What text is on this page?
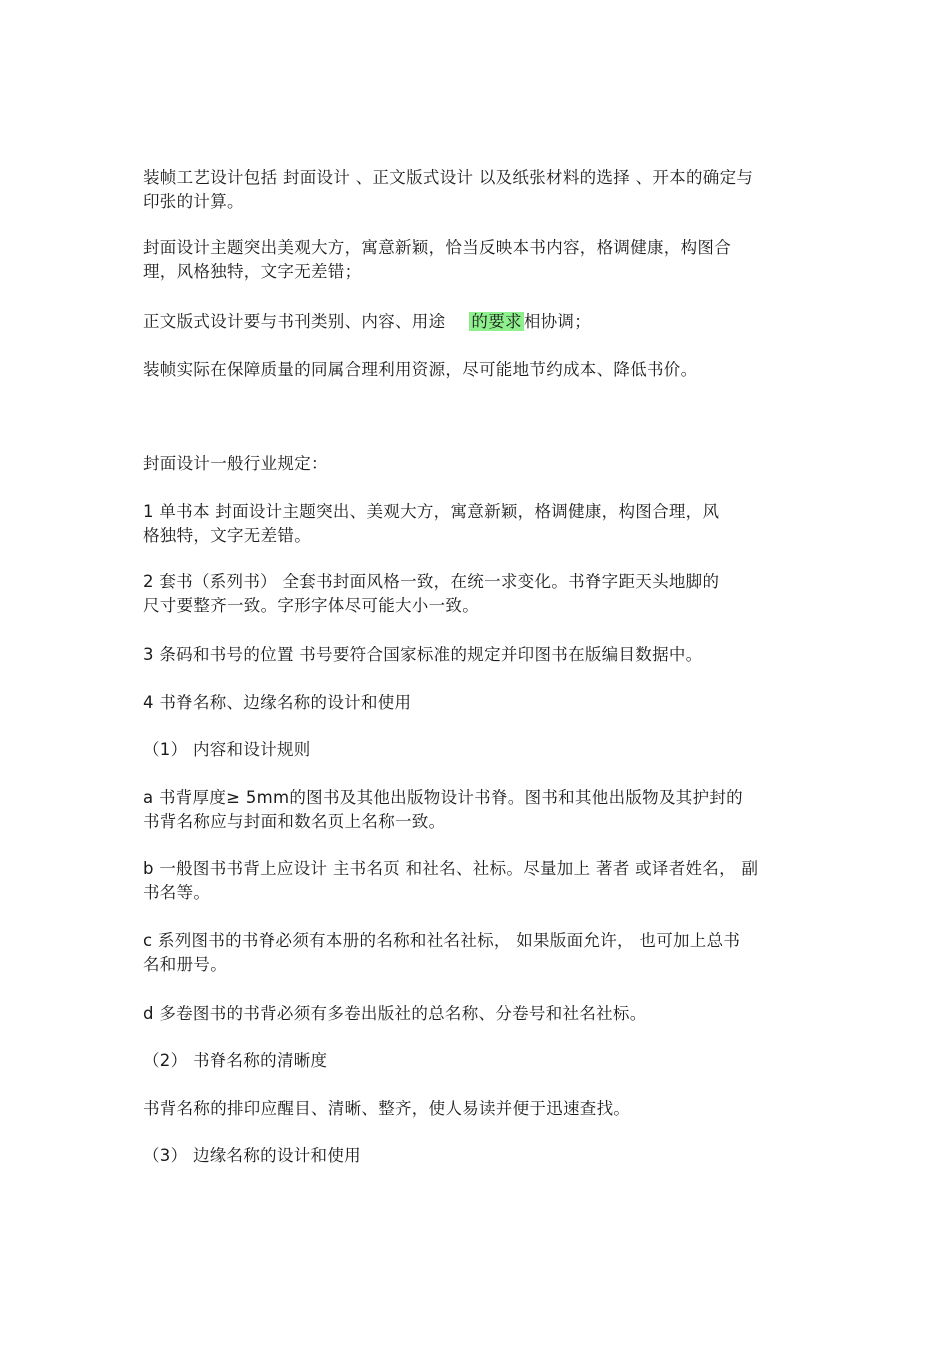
装帧工艺设计包括 封面设计 、正文版式设计 以及纸张材料的选择 、开本的确定与
印张的计算。

封面设计主题突出美观大方，寓意新颖，恰当反映本书内容，格调健康，构图合
理，风格独特，文字无差错；

正文版式设计要与书刊类别、内容、用途 的要求 相协调；

装帧实际在保障质量的同属合理利用资源，尽可能地节约成本、降低书价。

封面设计一般行业规定：

1 单书本 封面设计主题突出、美观大方，寓意新颖，格调健康，构图合理，风
格独特，文字无差错。

2 套书（系列书） 全套书封面风格一致，在统一求变化。书脊字距天头地脚的
尺寸要整齐一致。字形字体尽可能大小一致。

3 条码和书号的位置 书号要符合国家标准的规定并印图书在版编目数据中。

4 书脊名称、边缘名称的设计和使用

（1） 内容和设计规则

a 书背厚度≥ 5mm的图书及其他出版物设计书脊。图书和其他出版物及其护封的
书背名称应与封面和数名页上名称一致。

b 一般图书书背上应设计 主书名页 和社名、社标。尽量加上 著者 或译者姓名， 副
书名等。

c 系列图书的书脊必须有本册的名称和社名社标， 如果版面允许， 也可加上总书
名和册号。

d 多卷图书的书背必须有多卷出版社的总名称、分卷号和社名社标。

（2） 书脊名称的清晰度

书背名称的排印应醒目、清晰、整齐，使人易读并便于迅速查找。

（3） 边缘名称的设计和使用
